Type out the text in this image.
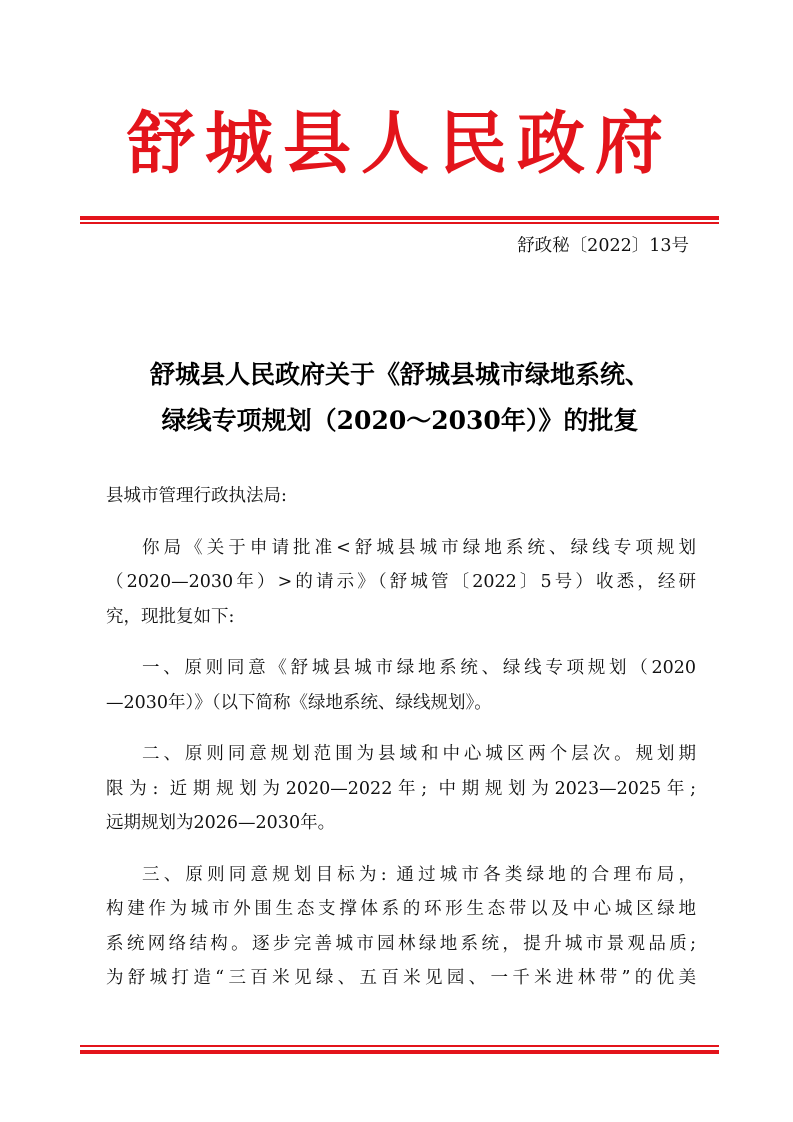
舒城县人民政府
舒政秘〔2022〕13号
舒城县人民政府关于《舒城县城市绿地系统、
绿线专项规划（2020～2030年）》的批复
县城市管理行政执法局:
你局《关于申请批准<舒城县城市绿地系统、绿线专项规划
（2020—2030年）>的请示》（舒城管〔2022〕5号）收悉，经研
究，现批复如下:
一、原则同意《舒城县城市绿地系统、绿线专项规划（2020
—2030年）》（以下简称《绿地系统、绿线规划》。
二、原则同意规划范围为县域和中心城区两个层次。规划期
限为: 近期规划为2020—2022年; 中期规划为2023—2025年;
远期规划为2026—2030年。
三、原则同意规划目标为: 通过城市各类绿地的合理布局，
构建作为城市外围生态支撑体系的环形生态带以及中心城区绿地
系统网络结构。逐步完善城市园林绿地系统，提升城市景观品质;
为舒城打造“三百米见绿、五百米见园、一千米进林带”的优美
